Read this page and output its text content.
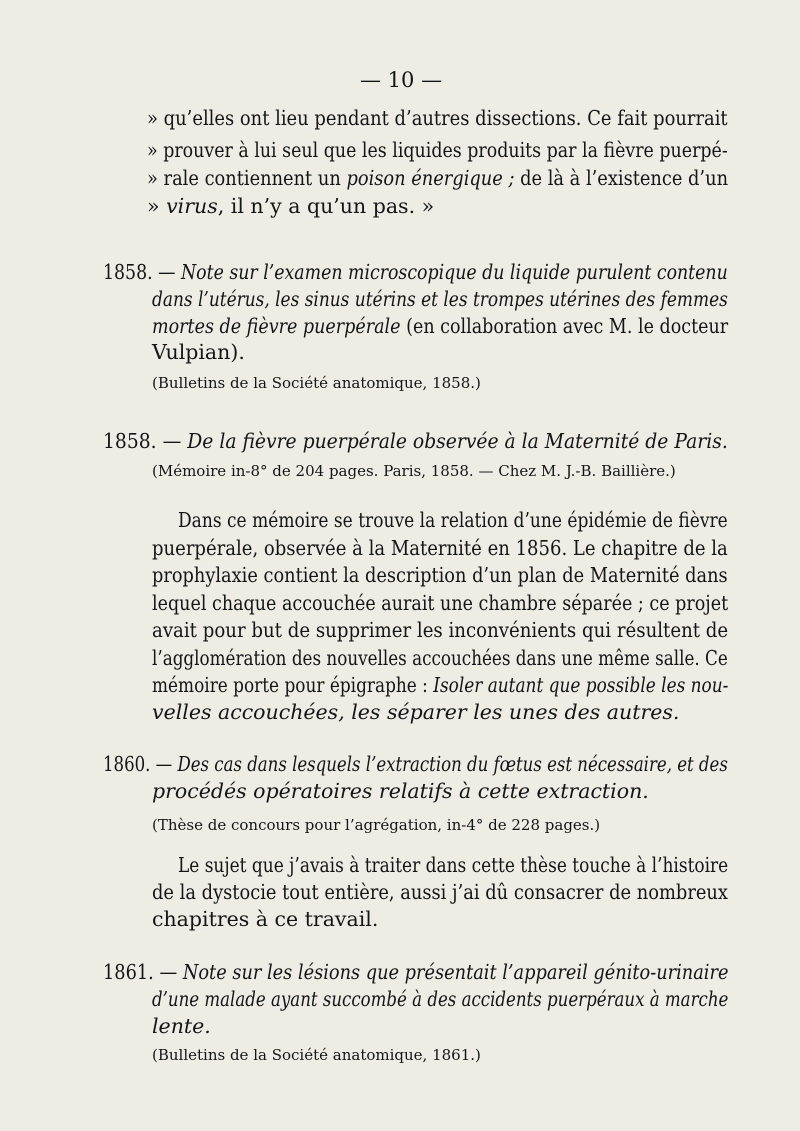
— 10 —
» qu’elles ont lieu pendant d’autres dissections. Ce fait pourrait
» prouver à lui seul que les liquides produits par la fièvre puerpé-
» rale contiennent un poison énergique ; de là à l’existence d’un
» virus, il n’y a qu’un pas. »
1858. — Note sur l’examen microscopique du liquide purulent contenu
dans l’utérus, les sinus utérins et les trompes utérines des femmes
mortes de fièvre puerpérale (en collaboration avec M. le docteur
Vulpian).
(Bulletins de la Société anatomique, 1858.)
1858. — De la fièvre puerpérale observée à la Maternité de Paris.
(Mémoire in-8° de 204 pages. Paris, 1858. — Chez M. J.-B. Baillière.)
Dans ce mémoire se trouve la relation d’une épidémie de fièvre
puerpérale, observée à la Maternité en 1856. Le chapitre de la
prophylaxie contient la description d’un plan de Maternité dans
lequel chaque accouchée aurait une chambre séparée ; ce projet
avait pour but de supprimer les inconvénients qui résultent de
l’agglomération des nouvelles accouchées dans une même salle. Ce
mémoire porte pour épigraphe : Isoler autant que possible les nou-
velles accouchées, les séparer les unes des autres.
1860. — Des cas dans lesquels l’extraction du fœtus est nécessaire, et des
procédés opératoires relatifs à cette extraction.
(Thèse de concours pour l’agrégation, in-4° de 228 pages.)
Le sujet que j’avais à traiter dans cette thèse touche à l’histoire
de la dystocie tout entière, aussi j’ai dû consacrer de nombreux
chapitres à ce travail.
1861. — Note sur les lésions que présentait l’appareil génito-urinaire
d’une malade ayant succombé à des accidents puerpéraux à marche
lente.
(Bulletins de la Société anatomique, 1861.)
